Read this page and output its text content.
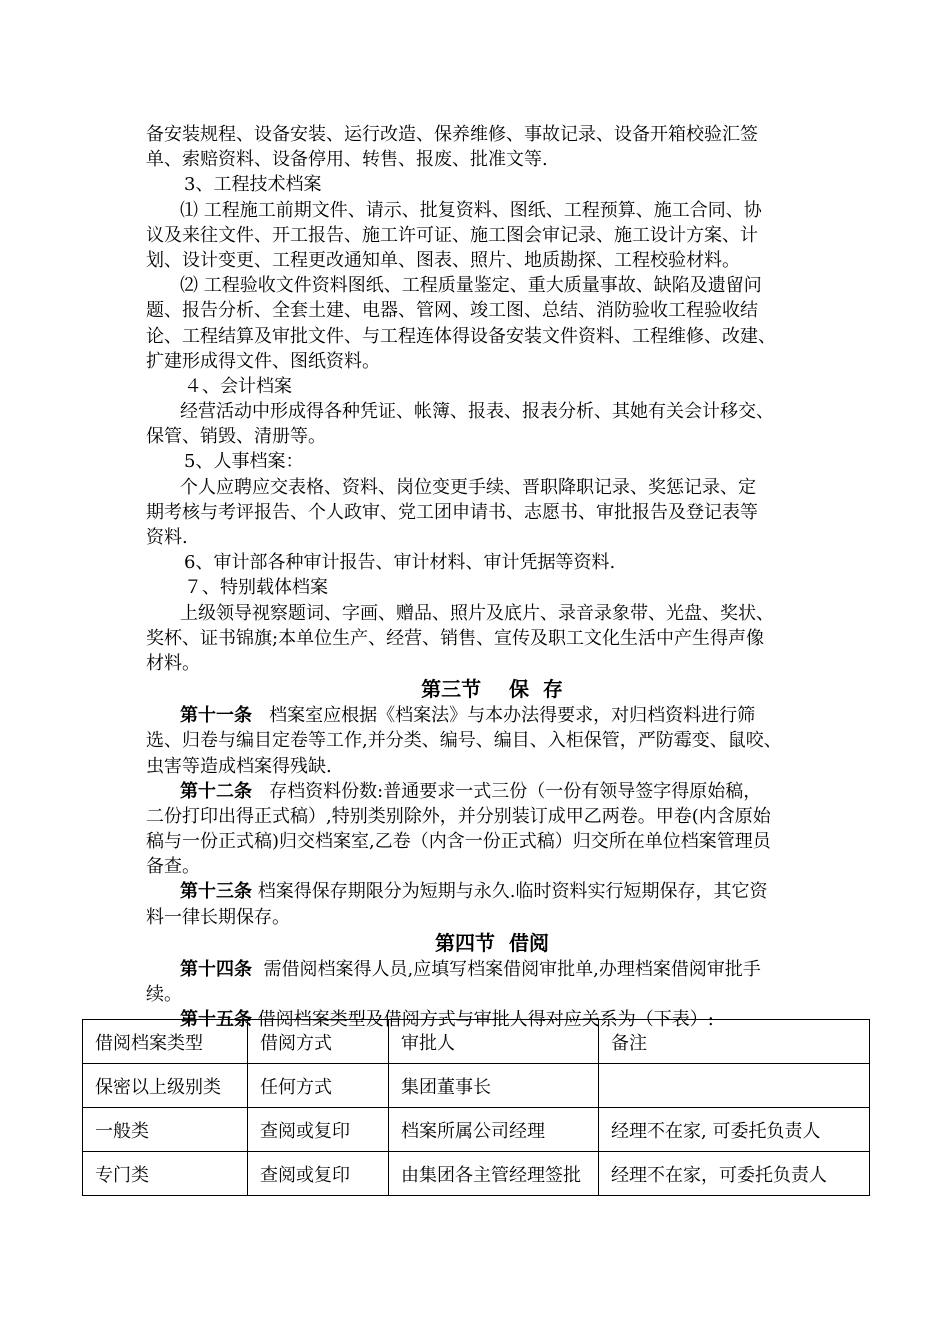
备安装规程、设备安装、运行改造、保养维修、事故记录、设备开箱校验汇签
单、索赔资料、设备停用、转售、报废、批准文等.
3、工程技术档案
⑴ 工程施工前期文件、请示、批复资料、图纸、工程预算、施工合同、协
议及来往文件、开工报告、施工许可证、施工图会审记录、施工设计方案、计
划、设计变更、工程更改通知单、图表、照片、地质勘探、工程校验材料。
⑵ 工程验收文件资料图纸、工程质量鉴定、重大质量事故、缺陷及遗留问
题、报告分析、全套土建、电器、管网、竣工图、总结、消防验收工程验收结
论、工程结算及审批文件、与工程连体得设备安装文件资料、工程维修、改建、
扩建形成得文件、图纸资料。
４、会计档案
经营活动中形成得各种凭证、帐簿、报表、报表分析、其她有关会计移交、
保管、销毁、清册等。
5、人事档案：
个人应聘应交表格、资料、岗位变更手续、晋职降职记录、奖惩记录、定
期考核与考评报告、个人政审、党工团申请书、志愿书、审批报告及登记表等
资料.
6、审计部各种审计报告、审计材料、审计凭据等资料.
７、特别载体档案
上级领导视察题词、字画、赠品、照片及底片、录音录象带、光盘、奖状、
奖杯、证书锦旗;本单位生产、经营、销售、宣传及职工文化生活中产生得声像
材料。
第三节    保  存
第十一条 档案室应根据《档案法》与本办法得要求，对归档资料进行筛
选、归卷与编目定卷等工作,并分类、编号、编目、入柜保管，严防霉变、鼠咬、
虫害等造成档案得残缺.
第十二条 存档资料份数:普通要求一式三份（一份有领导签字得原始稿，
二份打印出得正式稿）,特别类别除外，并分别装订成甲乙两卷。甲卷(内含原始
稿与一份正式稿)归交档案室,乙卷（内含一份正式稿）归交所在单位档案管理员
备查。
第十三条 档案得保存期限分为短期与永久.临时资料实行短期保存，其它资
料一律长期保存。
第四节  借阅
第十四条 需借阅档案得人员,应填写档案借阅审批单,办理档案借阅审批手
续。
第十五条 借阅档案类型及借阅方式与审批人得对应关系为（下表）:
借阅档案类型	借阅方式	审批人	备注
保密以上级别类	任何方式	集团董事长	
一般类	查阅或复印	档案所属公司经理	经理不在家, 可委托负责人
专门类	查阅或复印	由集团各主管经理签批	经理不在家，可委托负责人
